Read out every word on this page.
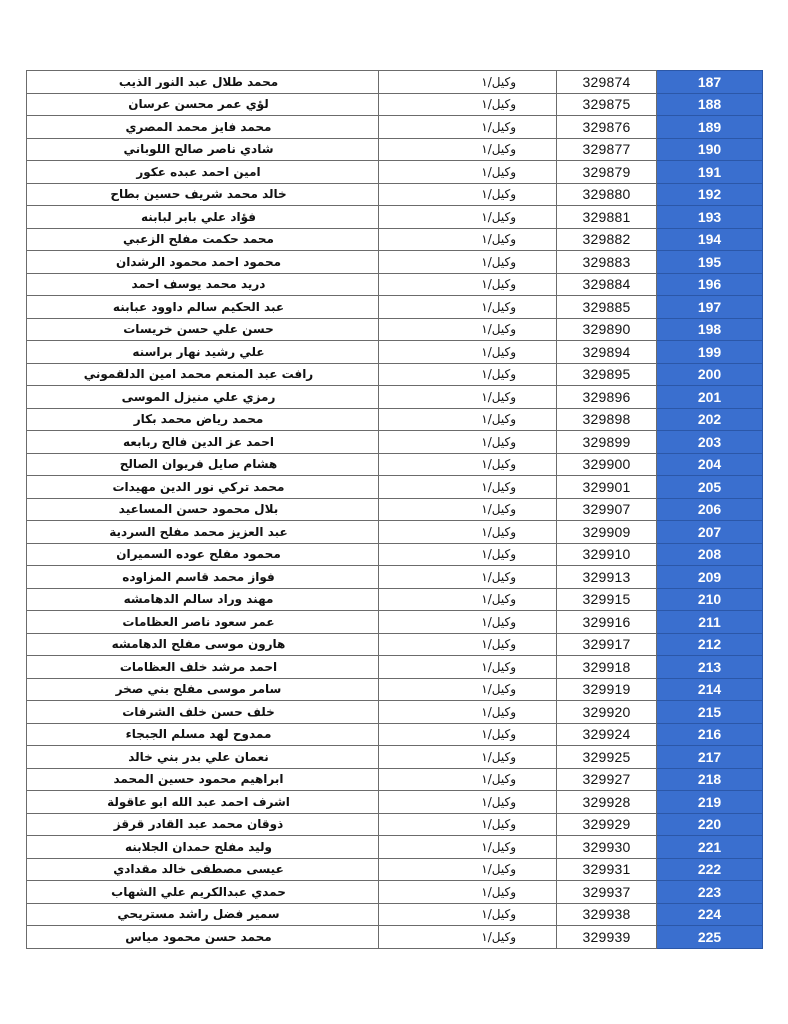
محمد طلال عبد النور الذيب	وكيل/١	329874	187
لؤي عمر محسن عرسان	وكيل/١	329875	188
محمد فايز محمد المصري	وكيل/١	329876	189
شادي ناصر صالح اللوباني	وكيل/١	329877	190
امين احمد عبده عكور	وكيل/١	329879	191
خالد محمد شريف حسين بطاح	وكيل/١	329880	192
فؤاد علي بابر لبابنه	وكيل/١	329881	193
محمد حكمت مفلح الزعبي	وكيل/١	329882	194
محمود احمد محمود الرشدان	وكيل/١	329883	195
دريد محمد يوسف احمد	وكيل/١	329884	196
عبد الحكيم سالم داوود عبابنه	وكيل/١	329885	197
حسن علي حسن خريسات	وكيل/١	329890	198
علي رشيد نهار براسنه	وكيل/١	329894	199
رافت عبد المنعم محمد امين الدلقموني	وكيل/١	329895	200
رمزي علي منيزل الموسى	وكيل/١	329896	201
محمد رياض محمد بكار	وكيل/١	329898	202
احمد عز الدين فالح ربابعه	وكيل/١	329899	203
هشام صايل فريوان الصالح	وكيل/١	329900	204
محمد تركي نور الدين مهيدات	وكيل/١	329901	205
بلال محمود حسن المساعيد	وكيل/١	329907	206
عبد العزيز محمد مفلح السردية	وكيل/١	329909	207
محمود مفلح عوده السميران	وكيل/١	329910	208
فواز محمد قاسم المزاوده	وكيل/١	329913	209
مهند وراد سالم الدهامشه	وكيل/١	329915	210
عمر سعود ناصر العظامات	وكيل/١	329916	211
هارون موسى مفلح الدهامشه	وكيل/١	329917	212
احمد مرشد خلف العظامات	وكيل/١	329918	213
سامر موسى مفلح بني صخر	وكيل/١	329919	214
خلف حسن خلف الشرفات	وكيل/١	329920	215
ممدوح لهد مسلم الجبجاء	وكيل/١	329924	216
نعمان علي بدر بني خالد	وكيل/١	329925	217
ابراهيم محمود حسين المحمد	وكيل/١	329927	218
اشرف احمد عبد الله ابو عاقولة	وكيل/١	329928	219
ذوقان محمد عبد القادر قرقز	وكيل/١	329929	220
وليد مفلح حمدان الجلابنه	وكيل/١	329930	221
عيسى مصطفى خالد مقدادي	وكيل/١	329931	222
حمدي عبدالكريم علي الشهاب	وكيل/١	329937	223
سمير فضل راشد مستريحي	وكيل/١	329938	224
محمد حسن محمود مياس	وكيل/١	329939	225
